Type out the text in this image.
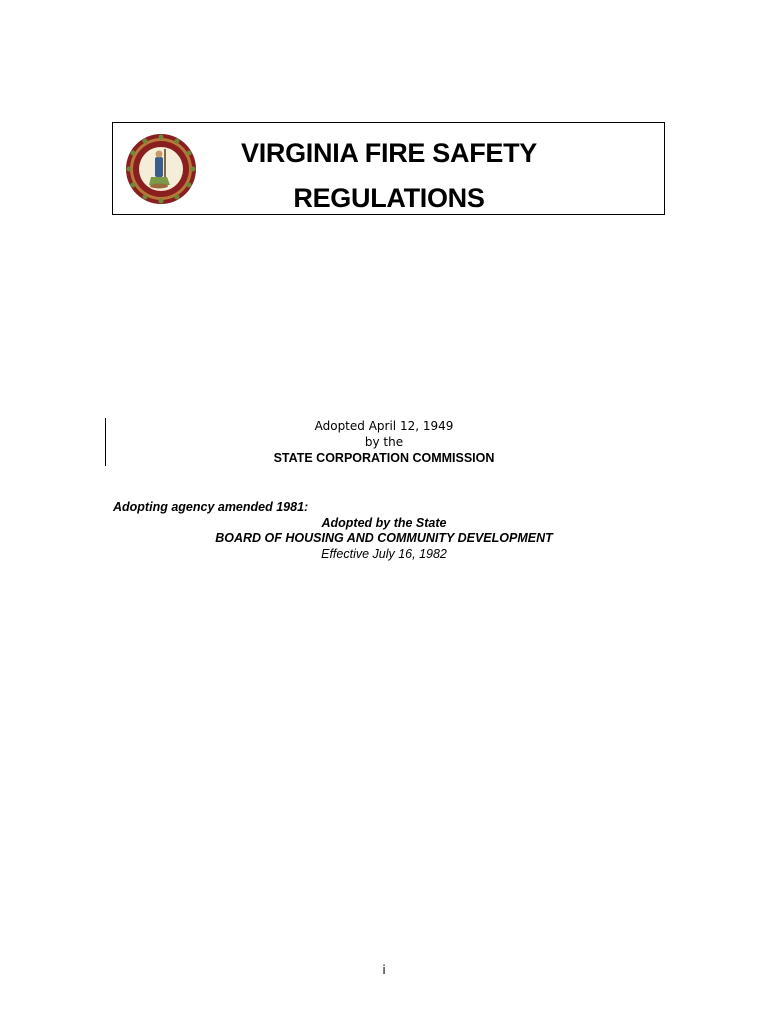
VIRGINIA FIRE SAFETY
REGULATIONS
Adopted April 12, 1949
by the
STATE CORPORATION COMMISSION
Adopting agency amended 1981:
Adopted by the State
BOARD OF HOUSING AND COMMUNITY DEVELOPMENT
Effective July 16, 1982
i
